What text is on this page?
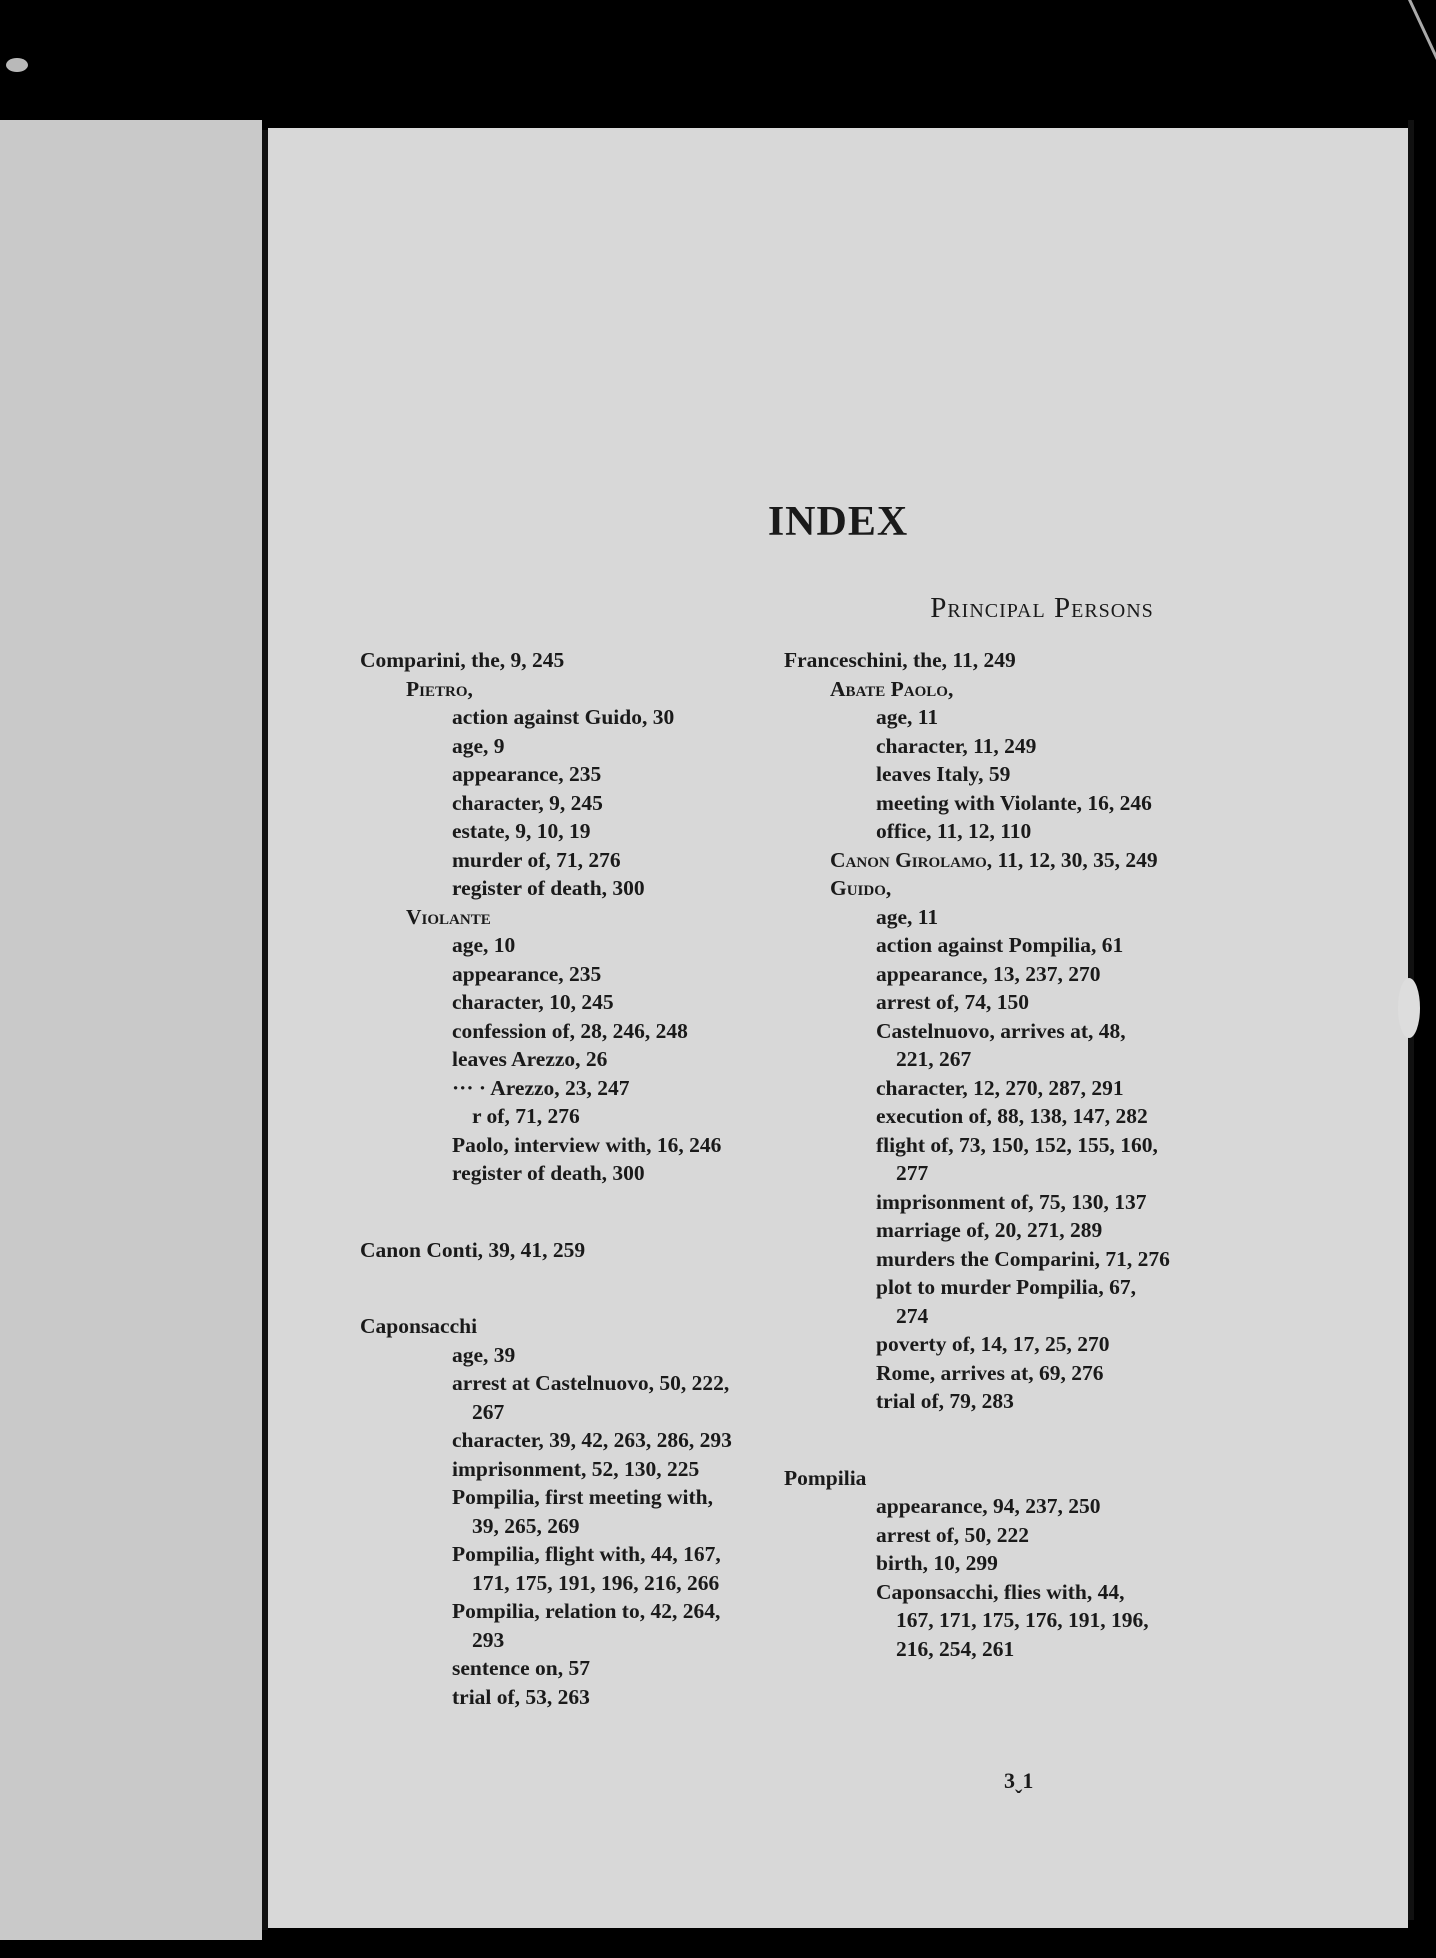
INDEX
Principal Persons

Comparini, the, 9, 245

Pietro,

action against Guido, 30

age, 9

appearance, 235

character, 9, 245

estate, 9, 10, 19

murder of, 71, 276

register of death, 300

Violante

age, 10

appearance, 235

character, 10, 245

confession of, 28, 246, 248

leaves Arezzo, 26

··· · Arezzo, 23, 247

r of, 71, 276

Paolo, interview with, 16, 246

register of death, 300

Canon Conti, 39, 41, 259

Caponsacchi

age, 39

arrest at Castelnuovo, 50, 222,

267

character, 39, 42, 263, 286, 293

imprisonment, 52, 130, 225

Pompilia, first meeting with,

39, 265, 269

Pompilia, flight with, 44, 167,

171, 175, 191, 196, 216, 266

Pompilia, relation to, 42, 264,

293

sentence on, 57

trial of, 53, 263

Franceschini, the, 11, 249

Abate Paolo,

age, 11

character, 11, 249

leaves Italy, 59

meeting with Violante, 16, 246

office, 11, 12, 110

Canon Girolamo, 11, 12, 30, 35, 249

Guido,

age, 11

action against Pompilia, 61

appearance, 13, 237, 270

arrest of, 74, 150

Castelnuovo, arrives at, 48,

221, 267

character, 12, 270, 287, 291

execution of, 88, 138, 147, 282

flight of, 73, 150, 152, 155, 160,

277

imprisonment of, 75, 130, 137

marriage of, 20, 271, 289

murders the Comparini, 71, 276

plot to murder Pompilia, 67,

274

poverty of, 14, 17, 25, 270

Rome, arrives at, 69, 276

trial of, 79, 283

Pompilia

appearance, 94, 237, 250

arrest of, 50, 222

birth, 10, 299

Caponsacchi, flies with, 44,

167, 171, 175, 176, 191, 196,

216, 254, 261

3ˬ1
